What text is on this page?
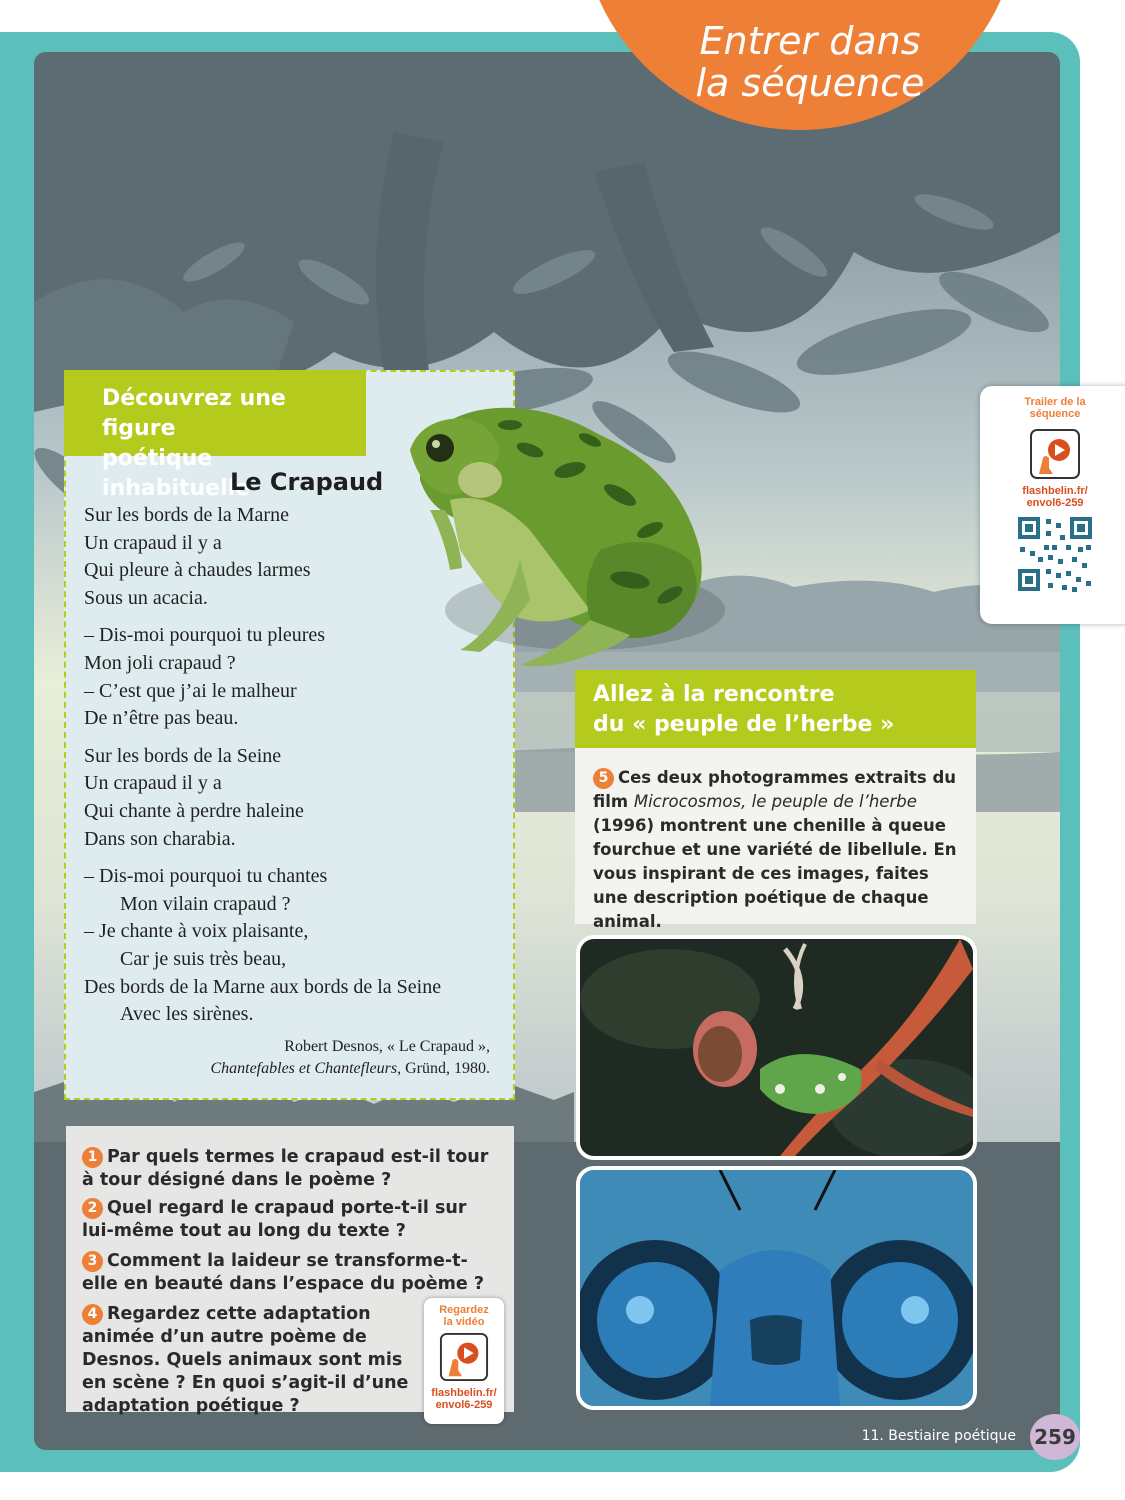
Entrer dans
la séquence
Découvrez une figure
poétique inhabituelle
Le Crapaud
Sur les bords de la Marne
Un crapaud il y a
Qui pleure à chaudes larmes
Sous un acacia.
– Dis-moi pourquoi tu pleures
Mon joli crapaud ?
– C’est que j’ai le malheur
De n’être pas beau.
Sur les bords de la Seine
Un crapaud il y a
Qui chante à perdre haleine
Dans son charabia.
– Dis-moi pourquoi tu chantes
Mon vilain crapaud ?
– Je chante à voix plaisante,
Car je suis très beau,
Des bords de la Marne aux bords de la Seine
Avec les sirènes.
Robert Desnos, « Le Crapaud »,
Chantefables et Chantefleurs, Gründ, 1980.
Trailer de la
séquence
flashbelin.fr/
envol6-259
Allez à la rencontre
du « peuple de l’herbe »
5 Ces deux photogrammes extraits du film Microcosmos, le peuple de l’herbe (1996) montrent une chenille à queue fourchue et une variété de libellule. En vous inspirant de ces images, faites une description poétique de chaque animal.
1 Par quels termes le crapaud est-il tour à tour désigné dans le poème ?
2 Quel regard le crapaud porte-t-il sur lui-même tout au long du texte ?
3 Comment la laideur se transforme-t-elle en beauté dans l’espace du poème ?
4 Regardez cette adaptation animée d’un autre poème de Desnos. Quels animaux sont mis en scène ? En quoi s’agit-il d’une adaptation poétique ?
Regardez
la vidéo
flashbelin.fr/
envol6-259
11. Bestiaire poétique 259
